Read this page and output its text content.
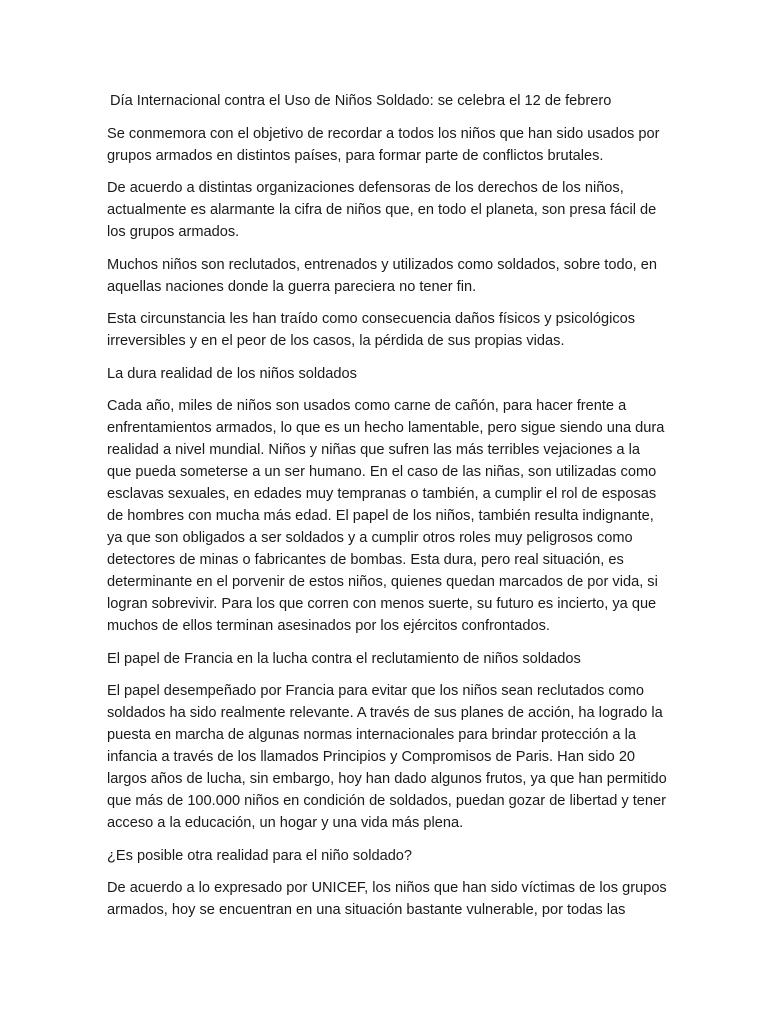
Día Internacional contra el Uso de Niños Soldado: se celebra el 12 de febrero

Se conmemora con el objetivo de recordar a todos los niños que han sido usados por grupos armados en distintos países, para formar parte de conflictos brutales.

De acuerdo a distintas organizaciones defensoras de los derechos de los niños, actualmente es alarmante la cifra de niños que, en todo el planeta, son presa fácil de los grupos armados.

Muchos niños son reclutados, entrenados y utilizados como soldados, sobre todo, en aquellas naciones donde la guerra pareciera no tener fin.

Esta circunstancia les han traído como consecuencia daños físicos y psicológicos irreversibles y en el peor de los casos, la pérdida de sus propias vidas.

La dura realidad de los niños soldados

Cada año, miles de niños son usados como carne de cañón, para hacer frente a enfrentamientos armados, lo que es un hecho lamentable, pero sigue siendo una dura realidad a nivel mundial. Niños y niñas que sufren las más terribles vejaciones a la que pueda someterse a un ser humano. En el caso de las niñas, son utilizadas como esclavas sexuales, en edades muy tempranas o también, a cumplir el rol de esposas de hombres con mucha más edad. El papel de los niños, también resulta indignante, ya que son obligados a ser soldados y a cumplir otros roles muy peligrosos como detectores de minas o fabricantes de bombas. Esta dura, pero real situación, es determinante en el porvenir de estos niños, quienes quedan marcados de por vida, si logran sobrevivir. Para los que corren con menos suerte, su futuro es incierto, ya que muchos de ellos terminan asesinados por los ejércitos confrontados.

El papel de Francia en la lucha contra el reclutamiento de niños soldados

El papel desempeñado por Francia para evitar que los niños sean reclutados como soldados ha sido realmente relevante. A través de sus planes de acción, ha logrado la puesta en marcha de algunas normas internacionales para brindar protección a la infancia a través de los llamados Principios y Compromisos de Paris. Han sido 20 largos años de lucha, sin embargo, hoy han dado algunos frutos, ya que han permitido que más de 100.000 niños en condición de soldados, puedan gozar de libertad y tener acceso a la educación, un hogar y una vida más plena.

¿Es posible otra realidad para el niño soldado?

De acuerdo a lo expresado por UNICEF, los niños que han sido víctimas de los grupos armados, hoy se encuentran en una situación bastante vulnerable, por todas las
